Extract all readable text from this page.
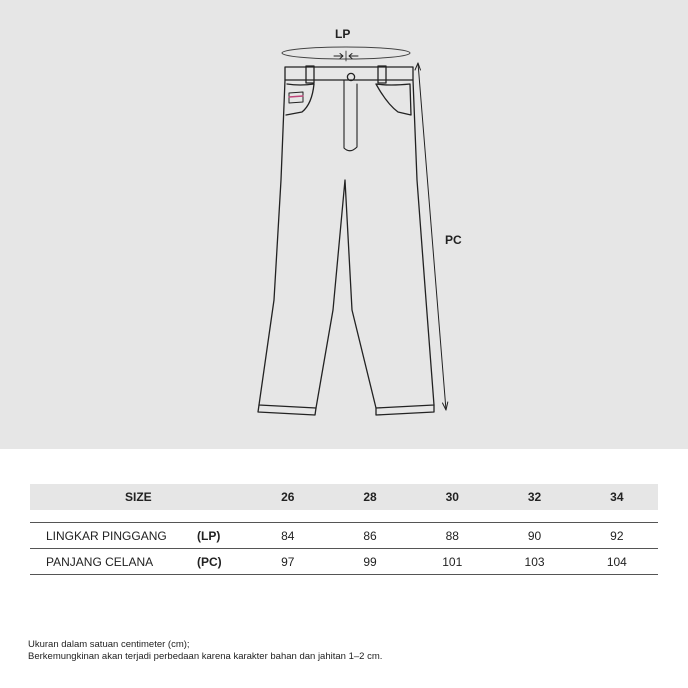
LP
PC
SIZE		26	28	30	32	34

LINGKAR PINGGANG	(LP)	84	86	88	90	92
PANJANG CELANA	(PC)	97	99	101	103	104
Ukuran dalam satuan centimeter (cm);
Berkemungkinan akan terjadi perbedaan karena karakter bahan dan jahitan 1–2 cm.
